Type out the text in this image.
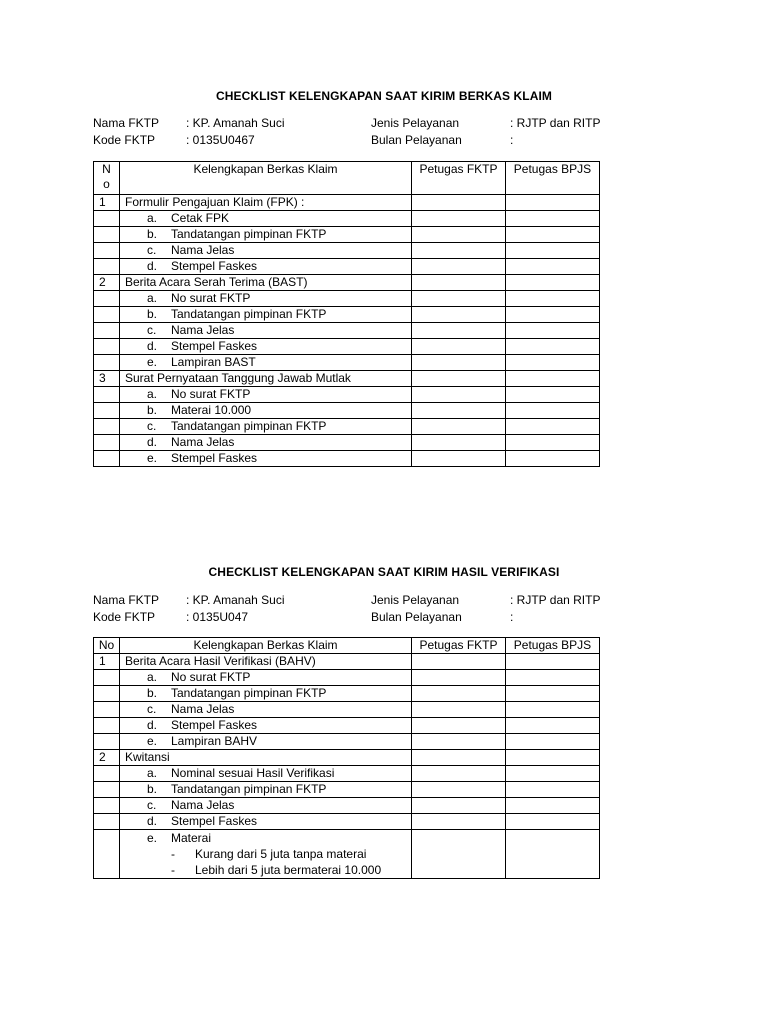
CHECKLIST KELENGKAPAN SAAT KIRIM BERKAS KLAIM
Nama FKTP : KP. Amanah Suci	Jenis Pelayanan	: RJTP dan RITP
Kode FKTP	: 0135U0467	Bulan Pelayanan	:
N
o	Kelengkapan Berkas Klaim	Petugas FKTP	Petugas BPJS
1	Formulir Pengajuan Klaim (FPK) :		
	a. Cetak FPK		
	b. Tandatangan pimpinan FKTP		
	c. Nama Jelas		
	d. Stempel Faskes		
2	Berita Acara Serah Terima (BAST)		
	a. No surat FKTP		
	b. Tandatangan pimpinan FKTP		
	c. Nama Jelas		
	d. Stempel Faskes		
	e. Lampiran BAST		
3	Surat Pernyataan Tanggung Jawab Mutlak		
	a. No surat FKTP		
	b. Materai 10.000		
	c. Tandatangan pimpinan FKTP		
	d. Nama Jelas		
	e. Stempel Faskes		
CHECKLIST KELENGKAPAN SAAT KIRIM HASIL VERIFIKASI
Nama FKTP : KP. Amanah Suci	Jenis Pelayanan	: RJTP dan RITP
Kode FKTP	: 0135U047	Bulan Pelayanan	:
No	Kelengkapan Berkas Klaim	Petugas FKTP	Petugas BPJS
1	Berita Acara Hasil Verifikasi (BAHV)		
	a. No surat FKTP		
	b. Tandatangan pimpinan FKTP		
	c. Nama Jelas		
	d. Stempel Faskes		
	e. Lampiran BAHV		
2	Kwitansi		
	a. Nominal sesuai Hasil Verifikasi		
	b. Tandatangan pimpinan FKTP		
	c. Nama Jelas		
	d. Stempel Faskes		

	e. Materai
- Kurang dari 5 juta tanpa materai
- Lebih dari 5 juta bermaterai 10.000		
